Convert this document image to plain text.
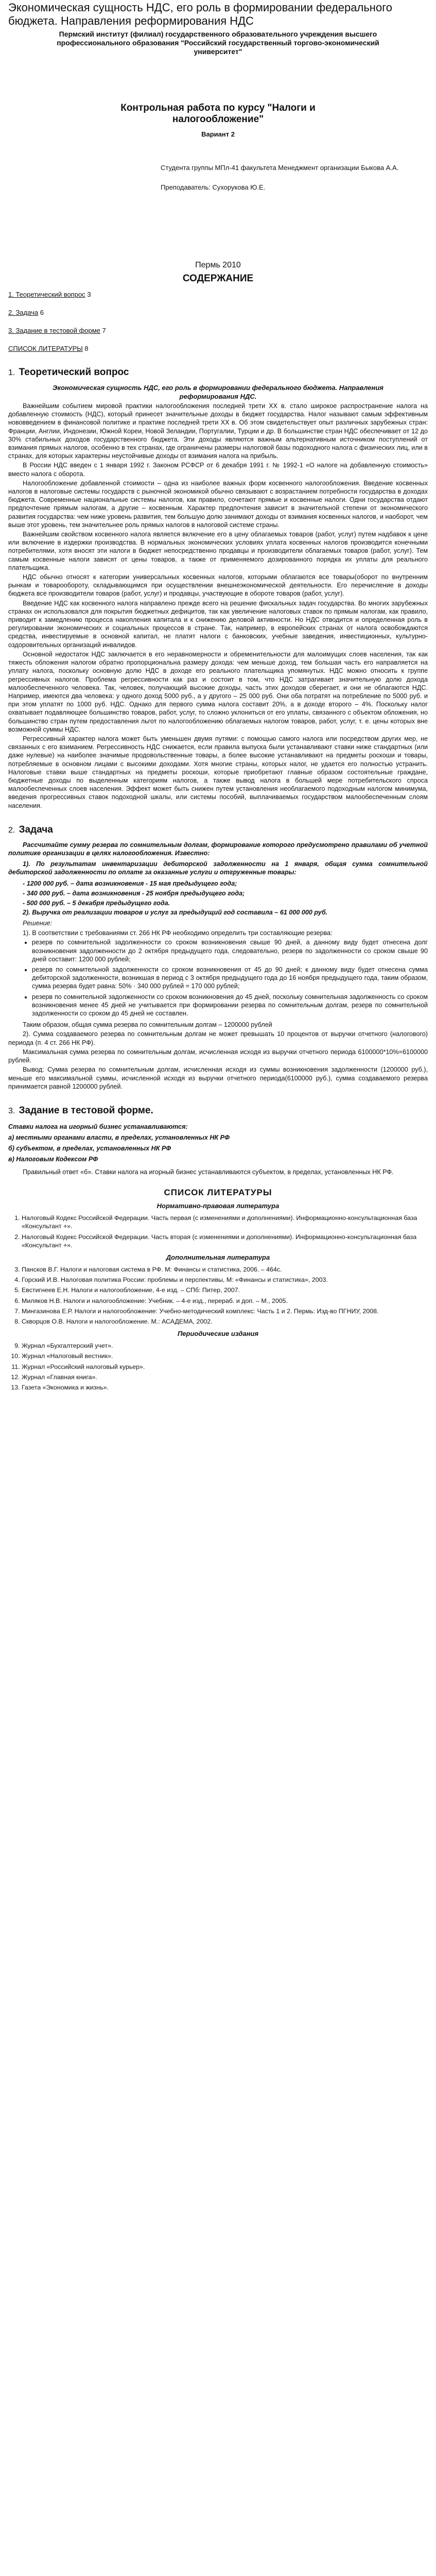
Экономическая сущность НДС, его роль в формировании федерального бюджета. Направления реформирования НДС

Пермский институт (филиал) государственного образовательного учреждения высшего профессионального образования "Российский государственный торгово-экономический университет"

Контрольная работа по курсу "Налоги и налогообложение"

Вариант 2

Студента группы МПл-41 факультета Менеджмент организации Быкова А.А.

Преподаватель: Сухорукова Ю.Е.

Пермь 2010

СОДЕРЖАНИЕ

1. Теоретический вопрос 3

2. Задача 6

3. Задание в тестовой форме 7

СПИСОК ЛИТЕРАТУРЫ 8

1. Теоретический вопрос

Экономическая сущность НДС, его роль в формировании федерального бюджета. Направления реформирования НДС.

Важнейшим событием мировой практики налогообложения последней трети XX в. стало широкое распространение налога на добавленную стоимость (НДС), который принесет значительные доходы в бюджет государства. Налог называют самым эффективным нововведением в финансовой политике и практике последней трети XX в. Об этом свидетельствует опыт различных зарубежных стран: Франции, Англии, Индонезии, Южной Кореи, Новой Зеландии, Португалии, Турции и др. В большинстве стран НДС обеспечивает от 12 до 30% стабильных доходов государственного бюджета. Эти доходы являются важным альтернативным источником поступлений от взимания прямых налогов, особенно в тех странах, где ограничены размеры налоговой базы подоходного налога с физических лиц, или в странах, для которых характерны неустойчивые доходы от взимания налога на прибыль.

В России НДС введен с 1 января 1992 г. Законом РСФСР от 6 декабря 1991 г. № 1992-1 «О налоге на добавленную стоимость» вместо налога с оборота.

Налогообложение добавленной стоимости – одна из наиболее важных форм косвенного налогообложения. Введение косвенных налогов в налоговые системы государств с рыночной экономикой обычно связывают с возрастанием потребности государства в доходах бюджета. Современные национальные системы налогов, как правило, сочетают прямые и косвенные налоги. Одни государства отдают предпочтение прямым налогам, а другие – косвенным. Характер предпочтения зависит в значительной степени от экономического развития государства: чем ниже уровень развития, тем большую долю занимают доходы от взимания косвенных налогов, и наоборот, чем выше этот уровень, тем значительнее роль прямых налогов в налоговой системе страны.

Важнейшим свойством косвенного налога является включение его в цену облагаемых товаров (работ, услуг) путем надбавок к цене или включение в издержки производства. В нормальных экономических условиях уплата косвенных налогов производится конечными потребителями, хотя вносят эти налоги в бюджет непосредственно продавцы и производители облагаемых товаров (работ, услуг). Тем самым косвенные налоги зависят от цены товаров, а также от применяемого дозированного порядка их уплаты для реального плательщика.

НДС обычно относят к категории универсальных косвенных налогов, которыми облагаются все товары(оборот по внутренним рынкам и товарообороту, складывающимся при осуществлении внешнеэкономической деятельности. Его перечисление в доходы бюджета все производители товаров (работ, услуг) и продавцы, участвующие в обороте товаров (работ, услуг).

Введение НДС как косвенного налога направлено прежде всего на решение фискальных задач государства. Во многих зарубежных странах он использовался для покрытия бюджетных дефицитов, так как увеличение налоговых ставок по прямым налогам, как правило, приводит к замедлению процесса накопления капитала и к снижению деловой активности. Но НДС отводится и определенная роль в регулировании экономических и социальных процессов в стране. Так, например, в европейских странах от налога освобождаются средства, инвестируемые в основной капитал, не платят налоги с банковских, учебные заведения, инвестиционных, культурно-оздоровительных организаций инвалидов.

Основной недостаток НДС заключается в его неравномерности и обременительности для малоимущих слоев населения, так как тяжесть обложения налогом обратно пропорциональна размеру дохода: чем меньше доход, тем большая часть его направляется на уплату налога, поскольку основную долю НДС в доходе его реального плательщика упомянутых. НДС можно относить к группе регрессивных налогов. Проблема регрессивности как раз и состоит в том, что НДС затрагивает значительную долю дохода малообеспеченного человека. Так, человек, получающий высокие доходы, часть этих доходов сберегает, и они не облагаются НДС. Например, имеются два человека: у одного доход 5000 руб., а у другого – 25 000 руб. Они оба потратят на потребление по 5000 руб. и при этом уплатят по 1000 руб. НДС. Однако для первого сумма налога составит 20%, а в доходе второго – 4%. Поскольку налог охватывает подавляющее большинство товаров, работ, услуг, то сложно уклониться от его уплаты, связанного с объектом обложения, но большинство стран путем предоставления льгот по налогообложению облагаемых налогом товаров, работ, услуг, т. е. цены которых вне возможной суммы НДС.

Регрессивный характер налога может быть уменьшен двумя путями: с помощью самого налога или посредством других мер, не связанных с его взиманием. Регрессивность НДС снижается, если правила выпуска были устанавливают ставки ниже стандартных (или даже нулевые) на наиболее значимые продовольственные товары, а более высокие устанавливают на предметы роскоши и товары, потребляемые в основном лицами с высокими доходами. Хотя многие страны, которых налог, не удается его полностью устранить. Налоговые ставки выше стандартных на предметы роскоши, которые приобретают главные образом состоятельные граждане, бюджетные доходы по выделенным категориям налогов, а также вывод налога в большей мере потребительского спроса малообеспеченных слоев населения. Эффект может быть снижен путем установления необлагаемого подоходным налогом минимума, введения прогрессивных ставок подоходной шкалы, или системы пособий, выплачиваемых государством малообеспеченным слоям населения.

2. Задача

Рассчитайте сумму резерва по сомнительным долгам, формирование которого предусмотрено правилами об учетной политике организации в целях налогообложения. Известно:

1). По результатам инвентаризации дебиторской задолженности на 1 января, общая сумма сомнительной дебиторской задолженности по оплате за оказанные услуги и отгруженные товары:

- 1200 000 руб. – дата возникновения - 15 мая предыдущего года;

- 340 000 руб. – дата возникновения - 25 ноября предыдущего года;

- 500 000 руб. – 5 декабря предыдущего года.

2). Выручка от реализации товаров и услуг за предыдущий год составила – 61 000 000 руб.

Решение:

1). В соответствии с требованиями ст. 266 НК РФ необходимо определить три составляющие резерва:

• резерв по сомнительной задолженности со сроком возникновения свыше 90 дней, а данному виду будет отнесена долг возникновения задолженности до 2 октября предыдущего года, следовательно, резерв по задолженности со сроком свыше 90 дней составит: 1200 000 рублей;
• резерв по сомнительной задолженности со сроком возникновения от 45 до 90 дней; к данному виду будет отнесена сумма дебиторской задолженности, возникшая в период с 3 октября предыдущего года до 16 ноября предыдущего года, таким образом, сумма резерва будет равна: 50% · 340 000 рублей = 170 000 рублей;
• резерв по сомнительной задолженности со сроком возникновения до 45 дней, поскольку сомнительная задолженность со сроком возникновения менее 45 дней не учитывается при формировании резерва по сомнительным долгам, резерв по сомнительной задолженности со сроком до 45 дней не составлен.

Таким образом, общая сумма резерва по сомнительным долгам – 1200000 рублей

2). Сумма создаваемого резерва по сомнительным долгам не может превышать 10 процентов от выручки отчетного (налогового) периода (п. 4 ст. 266 НК РФ).

Максимальная сумма резерва по сомнительным долгам, исчисленная исходя из выручки отчетного периода 6100000*10%=6100000 рублей.

Вывод: Сумма резерва по сомнительным долгам, исчисленная исходя из суммы возникновения задолженности (1200000 руб.), меньше его максимальной суммы, исчисленной исходя из выручки отчетного периода(6100000 руб.), сумма создаваемого резерва принимается равной 1200000 рублей.

3. Задание в тестовой форме.

Ставки налога на игорный бизнес устанавливаются:

а) местными органами власти, в пределах, установленных НК РФ

б) субъектом, в пределах, установленных НК РФ

в) Налоговым Кодексом РФ

Правильный ответ «б». Ставки налога на игорный бизнес устанавливаются субъектом, в пределах, установленных НК РФ.

СПИСОК ЛИТЕРАТУРЫ

Нормативно-правовая литература

1. Налоговый Кодекс Российской Федерации. Часть первая (с изменениями и дополнениями). Информационно-консультационная база «Консультант +».
2. Налоговый Кодекс Российской Федерации. Часть вторая (с изменениями и дополнениями). Информационно-консультационная база «Консультант +».

Дополнительная литература

3. Пансков В.Г. Налоги и налоговая система в РФ. М: Финансы и статистика, 2006. – 464с.
4. Горский И.В. Налоговая политика России: проблемы и перспективы, М: «Финансы и статистика», 2003.
5. Евстигнеев Е.Н. Налоги и налогообложение, 4-е изд. – СПб: Питер, 2007.
6. Миляков Н.В. Налоги и налогообложение: Учебник. – 4-е изд., перераб. и доп. – М., 2005.
7. Мингазинова Е.Р. Налоги и налогообложение: Учебно-методический комплекс: Часть 1 и 2. Пермь: Изд-во ПГНИУ, 2008.
8. Скворцов О.В. Налоги и налогообложение. М.: АСАДЕМА, 2002.

Периодические издания

9. Журнал «Бухгалтерский учет».
10. Журнал «Налоговый вестник».
11. Журнал «Российский налоговый курьер».
12. Журнал «Главная книга».
13. Газета «Экономика и жизнь».
